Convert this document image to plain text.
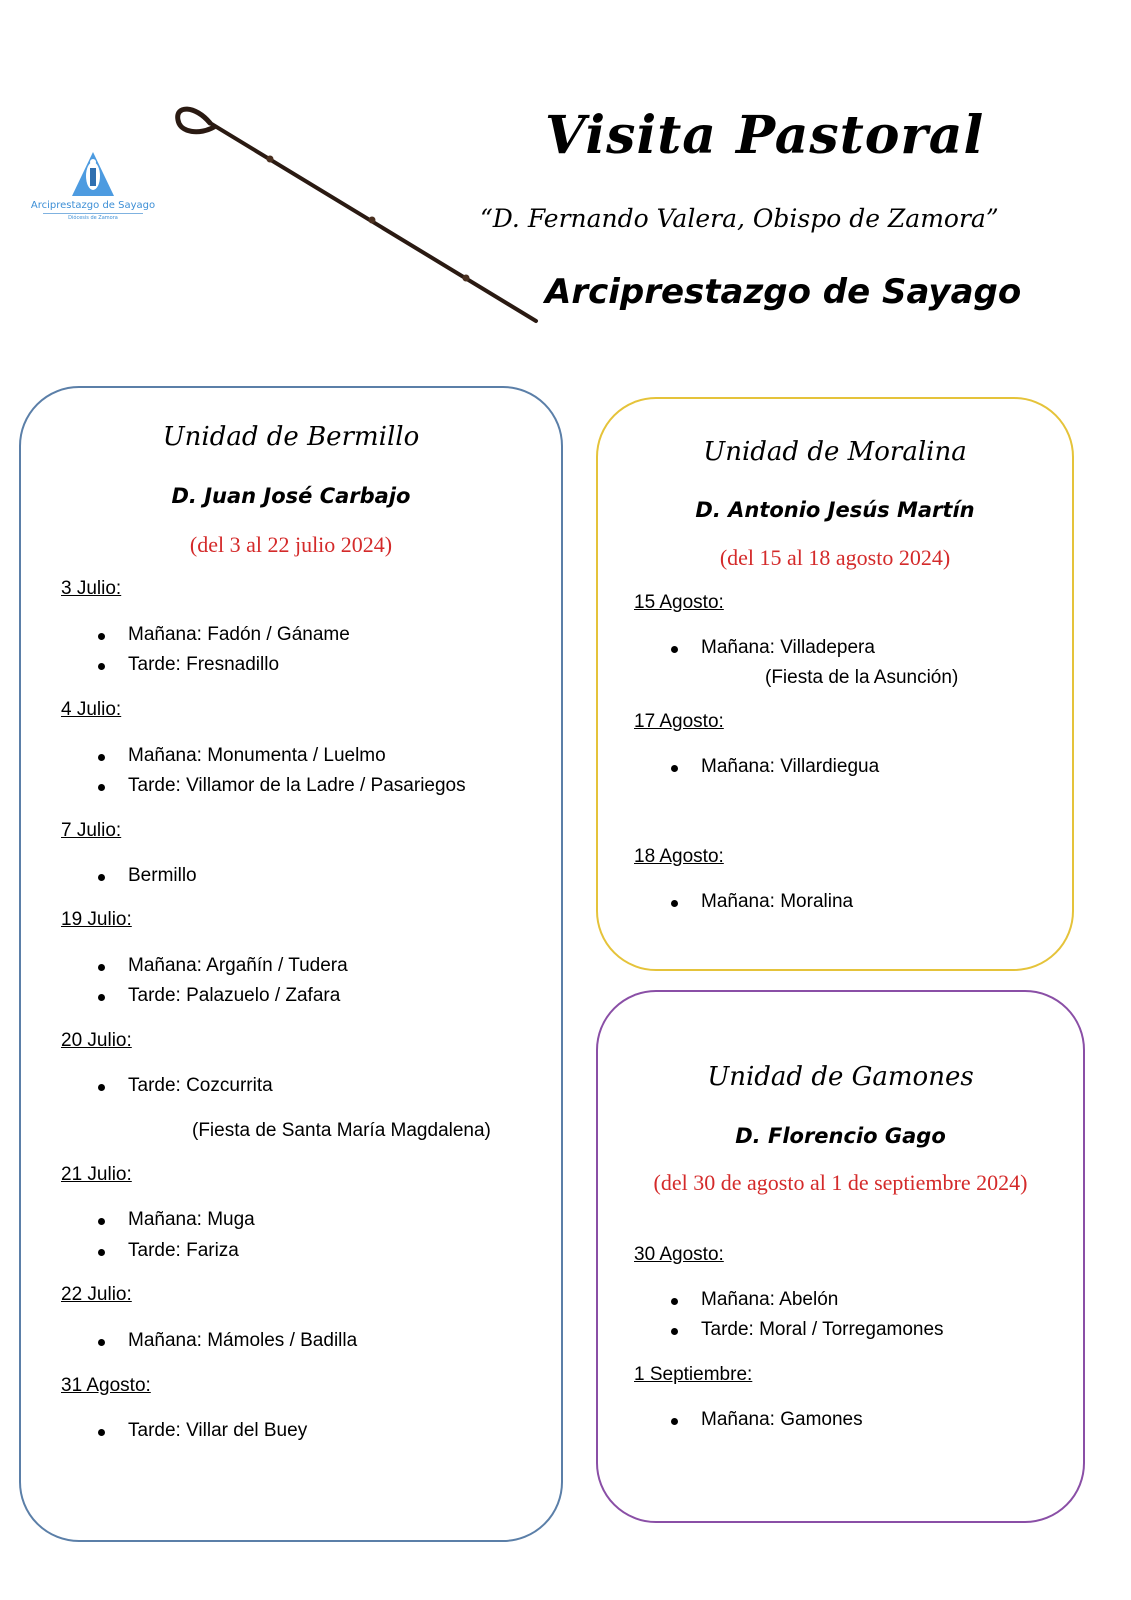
Arciprestazgo de Sayago
Diócesis de Zamora
Visita Pastoral
“D. Fernando Valera, Obispo de Zamora”
Arciprestazgo de Sayago
Unidad de Bermillo
D. Juan José Carbajo
(del 3 al 22 julio 2024)
3 Julio:
Mañana: Fadón / Gáname
Tarde: Fresnadillo
4 Julio:
Mañana: Monumenta / Luelmo
Tarde: Villamor de la Ladre / Pasariegos
7 Julio:
Bermillo
19 Julio:
Mañana: Argañín / Tudera
Tarde: Palazuelo / Zafara
20 Julio:
Tarde: Cozcurrita
(Fiesta de Santa María Magdalena)
21 Julio:
Mañana: Muga
Tarde: Fariza
22 Julio:
Mañana: Mámoles / Badilla
31 Agosto:
Tarde: Villar del Buey
Unidad de Moralina
D. Antonio Jesús Martín
(del 15 al 18 agosto 2024)
15 Agosto:
Mañana: Villadepera
(Fiesta de la Asunción)
17 Agosto:
Mañana: Villardiegua
18 Agosto:
Mañana: Moralina
Unidad de Gamones
D. Florencio Gago
(del 30 de agosto al 1 de septiembre 2024)
30 Agosto:
Mañana: Abelón
Tarde: Moral / Torregamones
1 Septiembre:
Mañana: Gamones
